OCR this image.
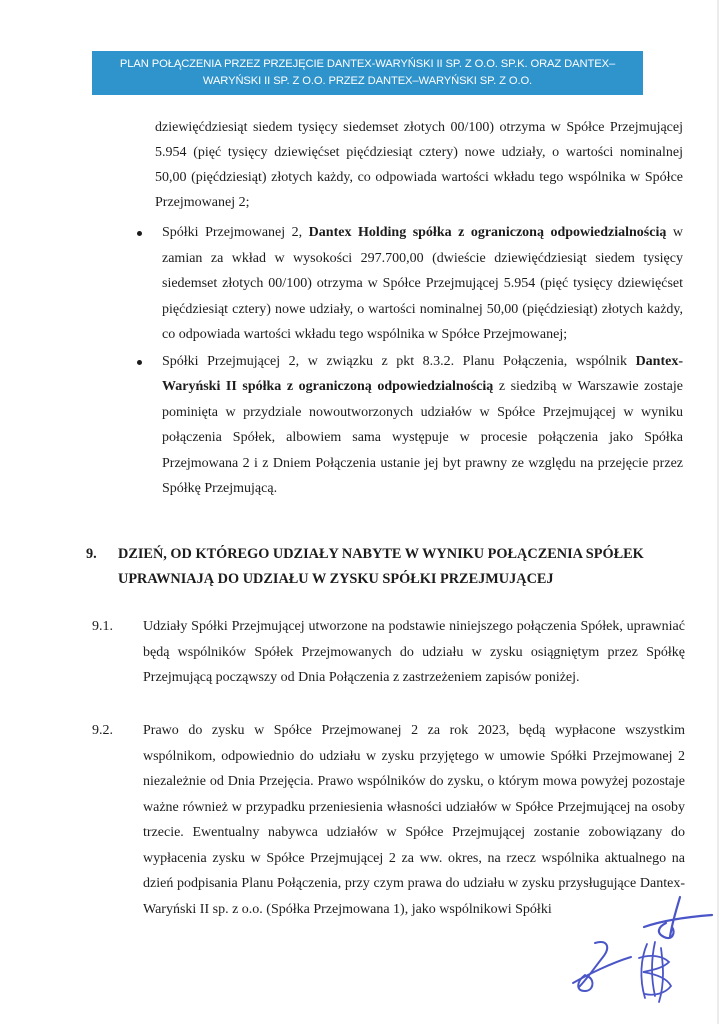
PLAN POŁĄCZENIA PRZEZ PRZEJĘCIE DANTEX-WARYŃSKI II SP. Z O.O. SP.K. ORAZ DANTEX–
WARYŃSKI II SP. Z O.O. PRZEZ DANTEX–WARYŃSKI SP. Z O.O.
dziewięćdziesiąt siedem tysięcy siedemset złotych 00/100) otrzyma w Spółce Przejmującej 5.954 (pięć tysięcy dziewięćset pięćdziesiąt cztery) nowe udziały, o wartości nominalnej 50,00 (pięćdziesiąt) złotych każdy, co odpowiada wartości wkładu tego wspólnika w Spółce Przejmowanej 2;
Spółki Przejmowanej 2, Dantex Holding spółka z ograniczoną odpowiedzialnością w zamian za wkład w wysokości 297.700,00 (dwieście dziewięćdziesiąt siedem tysięcy siedemset złotych 00/100) otrzyma w Spółce Przejmującej 5.954 (pięć tysięcy dziewięćset pięćdziesiąt cztery) nowe udziały, o wartości nominalnej 50,00 (pięćdziesiąt) złotych każdy, co odpowiada wartości wkładu tego wspólnika w Spółce Przejmowanej;
Spółki Przejmującej 2, w związku z pkt 8.3.2. Planu Połączenia, wspólnik Dantex-Waryński II spółka z ograniczoną odpowiedzialnością z siedzibą w Warszawie zostaje pominięta w przydziale nowoutworzonych udziałów w Spółce Przejmującej w wyniku połączenia Spółek, albowiem sama występuje w procesie połączenia jako Spółka Przejmowana 2 i z Dniem Połączenia ustanie jej byt prawny ze względu na przejęcie przez Spółkę Przejmującą.
9. DZIEŃ, OD KTÓREGO UDZIAŁY NABYTE W WYNIKU POŁĄCZENIA SPÓŁEK UPRAWNIAJĄ DO UDZIAŁU W ZYSKU SPÓŁKI PRZEJMUJĄCEJ
9.1. Udziały Spółki Przejmującej utworzone na podstawie niniejszego połączenia Spółek, uprawniać będą wspólników Spółek Przejmowanych do udziału w zysku osiągniętym przez Spółkę Przejmującą począwszy od Dnia Połączenia z zastrzeżeniem zapisów poniżej.
9.2. Prawo do zysku w Spółce Przejmowanej 2 za rok 2023, będą wypłacone wszystkim wspólnikom, odpowiednio do udziału w zysku przyjętego w umowie Spółki Przejmowanej 2 niezależnie od Dnia Przejęcia. Prawo wspólników do zysku, o którym mowa powyżej pozostaje ważne również w przypadku przeniesienia własności udziałów w Spółce Przejmującej na osoby trzecie. Ewentualny nabywca udziałów w Spółce Przejmującej zostanie zobowiązany do wypłacenia zysku w Spółce Przejmującej 2 za ww. okres, na rzecz wspólnika aktualnego na dzień podpisania Planu Połączenia, przy czym prawa do udziału w zysku przysługujące Dantex-Waryński II sp. z o.o. (Spółka Przejmowana 1), jako wspólnikowi Spółki
